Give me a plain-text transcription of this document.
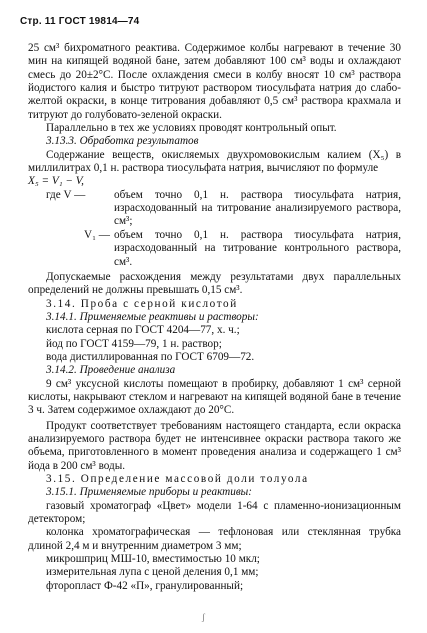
Стр. 11 ГОСТ 19814—74

25 см³ бихроматного реактива. Содержимое колбы нагревают в течение 30 мин на кипящей водяной бане, затем добавляют 100 см³ воды и охлаждают смесь до 20±2°С. После охлаждения смеси в колбу вносят 10 см³ раствора йодистого калия и быстро титруют раствором тиосульфата натрия до слабо-желтой окраски, в конце титрования добавляют 0,5 см³ раствора крахмала и титруют до голубовато-зеленой окраски.

Параллельно в тех же условиях проводят контрольный опыт.

3.13.3. Обработка результатов

Содержание веществ, окисляемых двухромовокислым калием (X₅) в миллилитрах 0,1 н. раствора тиосульфата натрия, вычисляют по формуле

X₅ = V₁ − V,

где V —	объем точно 0,1 н. раствора тиосульфата натрия, израсходованный на титрование анализируемого раствора, см³;
V₁ — объем точно 0,1 н. раствора тиосульфата натрия, израсходованный на титрование контрольного раствора, см³.

Допускаемые расхождения между результатами двух параллельных определений не должны превышать 0,15 см³.

3.14. Проба с серной кислотой

3.14.1. Применяемые реактивы и растворы:

кислота серная по ГОСТ 4204—77, х. ч.;

йод по ГОСТ 4159—79, 1 н. раствор;

вода дистиллированная по ГОСТ 6709—72.

3.14.2. Проведение анализа

9 см³ уксусной кислоты помещают в пробирку, добавляют 1 см³ серной кислоты, накрывают стеклом и нагревают на кипящей водяной бане в течение 3 ч. Затем содержимое охлаждают до 20°С.

Продукт соответствует требованиям настоящего стандарта, если окраска анализируемого раствора будет не интенсивнее окраски раствора такого же объема, приготовленного в момент проведения анализа и содержащего 1 см³ йода в 200 см³ воды.

3.15. Определение массовой доли толуола

3.15.1. Применяемые приборы и реактивы:

газовый хроматограф «Цвет» модели 1-64 с пламенно-ионизационным детектором;

колонка хроматографическая — тефлоновая или стеклянная трубка длиной 2,4 м и внутренним диаметром 3 мм;

микрошприц МШ-10, вместимостью 10 мкл;

измерительная лупа с ценой деления 0,1 мм;

фторопласт Ф-42 «П», гранулированный;

ʃ
